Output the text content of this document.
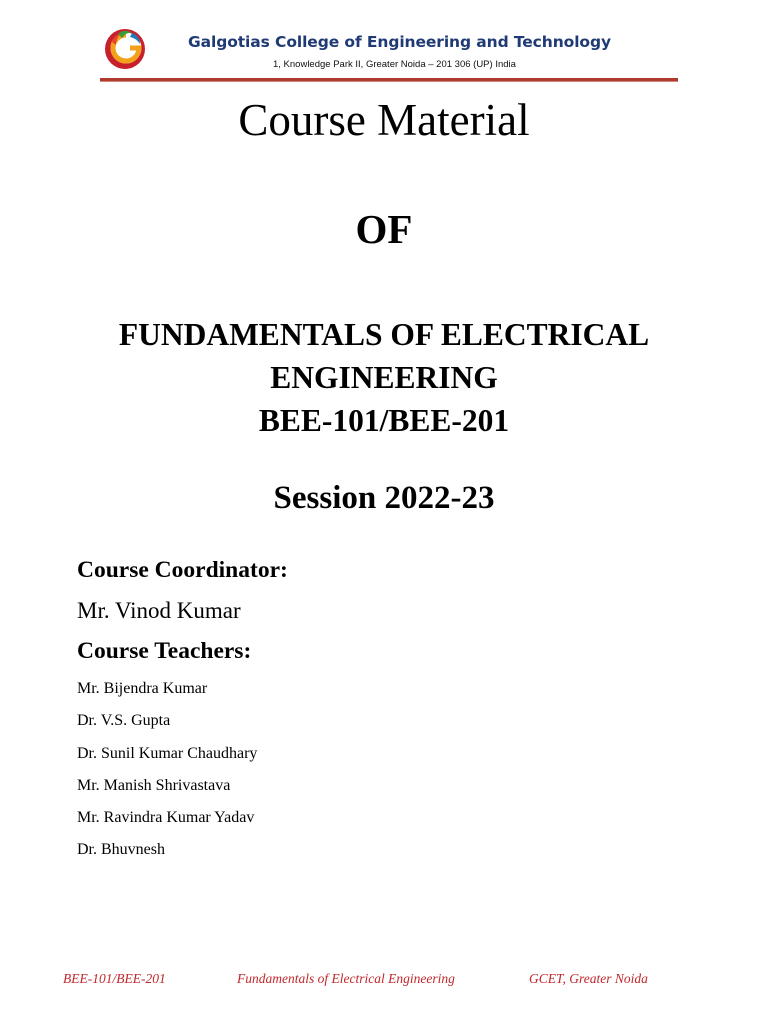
Galgotias College of Engineering and Technology
1, Knowledge Park II, Greater Noida – 201 306 (UP) India
Course Material
OF
FUNDAMENTALS OF ELECTRICAL
ENGINEERING
BEE-101/BEE-201
Session 2022-23
Course Coordinator:
Mr. Vinod Kumar
Course Teachers:
Mr. Bijendra Kumar
Dr. V.S. Gupta
Dr. Sunil Kumar Chaudhary
Mr. Manish Shrivastava
Mr. Ravindra Kumar Yadav
Dr. Bhuvnesh
BEE-101/BEE-201	Fundamentals of Electrical Engineering	GCET, Greater Noida
